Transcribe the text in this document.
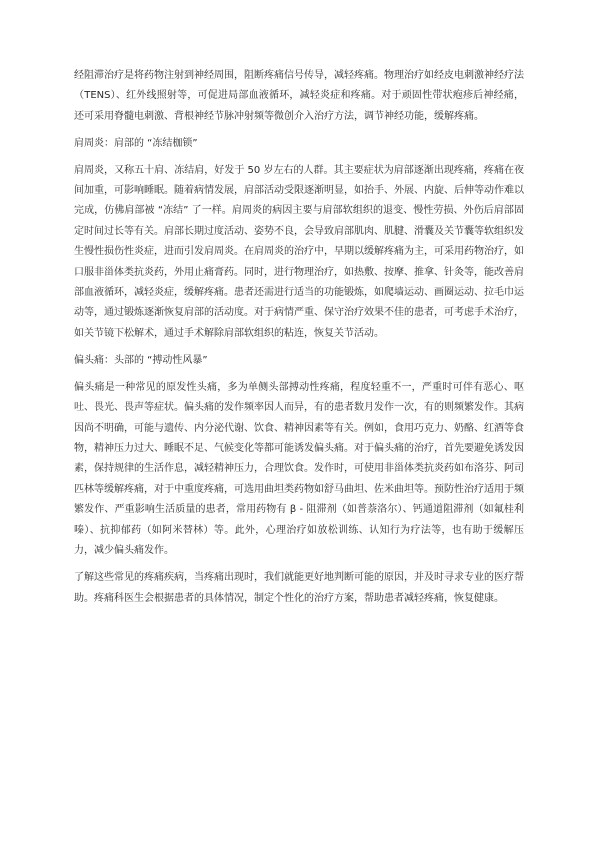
经阻滞治疗是将药物注射到神经周围，阻断疼痛信号传导，减轻疼痛。物理治疗如经皮电刺激神经疗法（TENS）、红外线照射等，可促进局部血液循环，减轻炎症和疼痛。对于顽固性带状疱疹后神经痛，还可采用脊髓电刺激、背根神经节脉冲射频等微创介入治疗方法，调节神经功能，缓解疼痛。

肩周炎：肩部的 “冻结枷锁”

肩周炎，又称五十肩、冻结肩，好发于 50 岁左右的人群。其主要症状为肩部逐渐出现疼痛，疼痛在夜间加重，可影响睡眠。随着病情发展，肩部活动受限逐渐明显，如抬手、外展、内旋、后伸等动作难以完成，仿佛肩部被 “冻结” 了一样。肩周炎的病因主要与肩部软组织的退变、慢性劳损、外伤后肩部固定时间过长等有关。肩部长期过度活动、姿势不良，会导致肩部肌肉、肌腱、滑囊及关节囊等软组织发生慢性损伤性炎症，进而引发肩周炎。在肩周炎的治疗中，早期以缓解疼痛为主，可采用药物治疗，如口服非甾体类抗炎药，外用止痛膏药。同时，进行物理治疗，如热敷、按摩、推拿、针灸等，能改善肩部血液循环，减轻炎症，缓解疼痛。患者还需进行适当的功能锻炼，如爬墙运动、画圈运动、拉毛巾运动等，通过锻炼逐渐恢复肩部的活动度。对于病情严重、保守治疗效果不佳的患者，可考虑手术治疗，如关节镜下松解术，通过手术解除肩部软组织的粘连，恢复关节活动。

偏头痛：头部的 “搏动性风暴”

偏头痛是一种常见的原发性头痛，多为单侧头部搏动性疼痛，程度轻重不一，严重时可伴有恶心、呕吐、畏光、畏声等症状。偏头痛的发作频率因人而异，有的患者数月发作一次，有的则频繁发作。其病因尚不明确，可能与遗传、内分泌代谢、饮食、精神因素等有关。例如，食用巧克力、奶酪、红酒等食物，精神压力过大、睡眠不足、气候变化等都可能诱发偏头痛。对于偏头痛的治疗，首先要避免诱发因素，保持规律的生活作息，减轻精神压力，合理饮食。发作时，可使用非甾体类抗炎药如布洛芬、阿司匹林等缓解疼痛，对于中重度疼痛，可选用曲坦类药物如舒马曲坦、佐米曲坦等。预防性治疗适用于频繁发作、严重影响生活质量的患者，常用药物有 β - 阻滞剂（如普萘洛尔）、钙通道阻滞剂（如氟桂利嗪）、抗抑郁药（如阿米替林）等。此外，心理治疗如放松训练、认知行为疗法等，也有助于缓解压力，减少偏头痛发作。

了解这些常见的疼痛疾病，当疼痛出现时，我们就能更好地判断可能的原因，并及时寻求专业的医疗帮助。疼痛科医生会根据患者的具体情况，制定个性化的治疗方案，帮助患者减轻疼痛，恢复健康。
